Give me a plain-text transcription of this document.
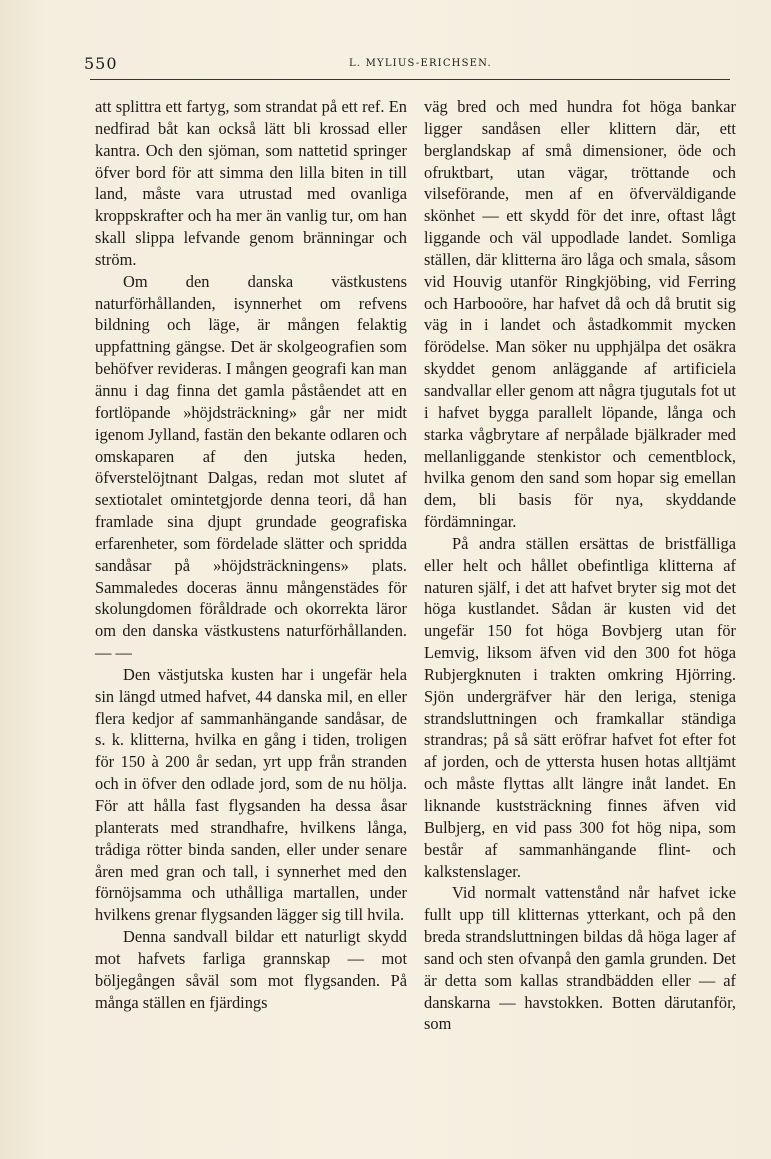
550	L. MYLIUS-ERICHSEN.

att splittra ett fartyg, som strandat på ett ref. En nedfirad båt kan också lätt bli krossad eller kantra. Och den sjöman, som nattetid springer öfver bord för att simma den lilla biten in till land, måste vara utrustad med ovanliga kroppskrafter och ha mer än vanlig tur, om han skall slippa lefvande genom bränningar och ström.

Om den danska västkustens naturförhållanden, isynnerhet om refvens bildning och läge, är mången felaktig uppfattning gängse. Det är skolgeografien som behöfver revideras. I mången geografi kan man ännu i dag finna det gamla påståendet att en fortlöpande »höjdsträckning» går ner midt igenom Jylland, fastän den bekante odlaren och omskaparen af den jutska heden, öfverstelöjtnant Dalgas, redan mot slutet af sextiotalet omintetgjorde denna teori, då han framlade sina djupt grundade geografiska erfarenheter, som fördelade slätter och spridda sandåsar på »höjdsträckningens» plats. Sammaledes doceras ännu mångenstädes för skolungdomen föråldrade och okorrekta läror om den danska västkustens naturförhållanden. — —

Den västjutska kusten har i ungefär hela sin längd utmed hafvet, 44 danska mil, en eller flera kedjor af sammanhängande sandåsar, de s. k. klitterna, hvilka en gång i tiden, troligen för 150 à 200 år sedan, yrt upp från stranden och in öfver den odlade jord, som de nu hölja. För att hålla fast flygsanden ha dessa åsar planterats med strandhafre, hvilkens långa, trådiga rötter binda sanden, eller under senare åren med gran och tall, i synnerhet med den förnöjsamma och uthålliga martallen, under hvilkens grenar flygsanden lägger sig till hvila.

Denna sandvall bildar ett naturligt skydd mot hafvets farliga grannskap — mot böljegången såväl som mot flygsanden. På många ställen en fjärdings

väg bred och med hundra fot höga bankar ligger sandåsen eller klittern där, ett berglandskap af små dimensioner, öde och ofruktbart, utan vägar, tröttande och vilseförande, men af en öfverväldigande skönhet — ett skydd för det inre, oftast lågt liggande och väl uppodlade landet. Somliga ställen, där klitterna äro låga och smala, såsom vid Houvig utanför Ringkjöbing, vid Ferring och Harbooöre, har hafvet då och då brutit sig väg in i landet och åstadkommit mycken förödelse. Man söker nu upphjälpa det osäkra skyddet genom anläggande af artificiela sandvallar eller genom att några tjugutals fot ut i hafvet bygga parallelt löpande, långa och starka vågbrytare af nerpålade bjälkrader med mellanliggande stenkistor och cementblock, hvilka genom den sand som hopar sig emellan dem, bli basis för nya, skyddande fördämningar.

På andra ställen ersättas de bristfälliga eller helt och hållet obefintliga klitterna af naturen själf, i det att hafvet bryter sig mot det höga kustlandet. Sådan är kusten vid det ungefär 150 fot höga Bovbjerg utan för Lemvig, liksom äfven vid den 300 fot höga Rubjergknuten i trakten omkring Hjörring. Sjön undergräfver här den leriga, steniga strandsluttningen och framkallar ständiga strandras; på så sätt eröfrar hafvet fot efter fot af jorden, och de yttersta husen hotas alltjämt och måste flyttas allt längre inåt landet. En liknande kuststräckning finnes äfven vid Bulbjerg, en vid pass 300 fot hög nipa, som består af sammanhängande flint- och kalkstenslager.

Vid normalt vattenstånd når hafvet icke fullt upp till klitternas ytterkant, och på den breda strandsluttningen bildas då höga lager af sand och sten ofvanpå den gamla grunden. Det är detta som kallas strandbädden eller — af danskarna — havstokken. Botten därutanför, som
